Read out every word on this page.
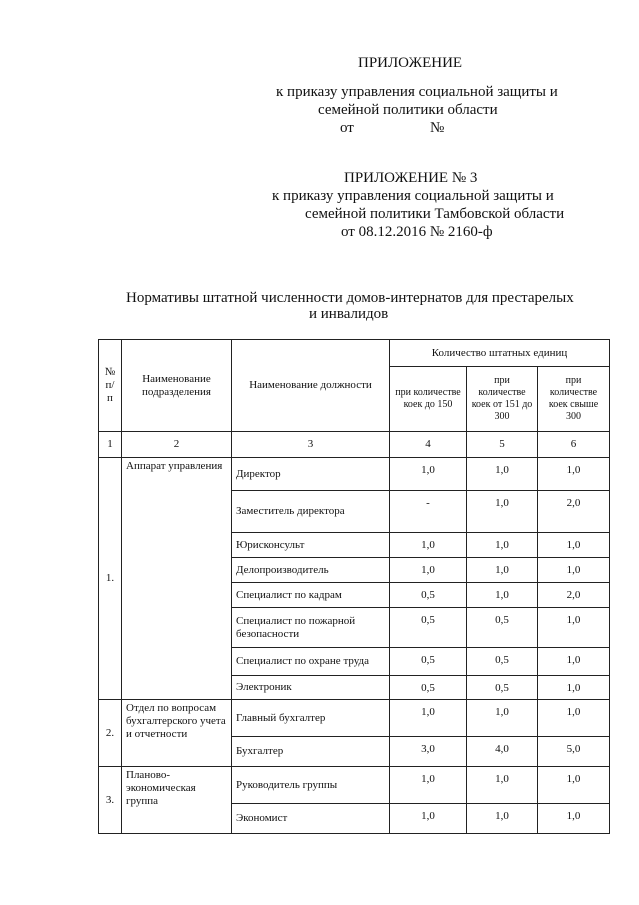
ПРИЛОЖЕНИЕ
к приказу управления социальной защиты и
семейной политики области
от	№
ПРИЛОЖЕНИЕ № 3
к приказу управления социальной защиты и
семейной политики Тамбовской области
от 08.12.2016 № 2160-ф
Нормативы штатной численности домов-интернатов для престарелых
и инвалидов
№ п/п	Наименование подразделения	Наименование должности	Количество штатных единиц		
			при количестве коек до 150	при количестве коек от 151 до 300	при количестве коек свыше 300
1	2	3	4	5	6
1.	Аппарат управления	Директор	1,0	1,0	1,0
		Заместитель директора	-	1,0	2,0
		Юрисконсульт	1,0	1,0	1,0
		Делопроизводитель	1,0	1,0	1,0
		Специалист по кадрам	0,5	1,0	2,0
		Специалист по пожарной безопасности	0,5	0,5	1,0
		Специалист по охране труда	0,5	0,5	1,0
		Электроник	0,5	0,5	1,0
2.	Отдел по вопросам бухгалтерского учета и отчетности	Главный бухгалтер	1,0	1,0	1,0
		Бухгалтер	3,0	4,0	5,0
3.	Планово-экономическая группа	Руководитель группы	1,0	1,0	1,0
		Экономист	1,0	1,0	1,0
